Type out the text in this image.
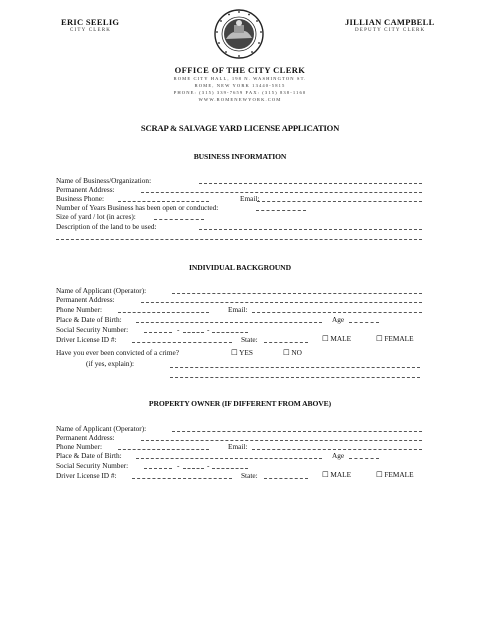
ERIC SEELIG
CITY CLERK
JILLIAN CAMPBELL
DEPUTY CITY CLERK
OFFICE OF THE CITY CLERK
ROME CITY HALL, 198 N. WASHINGTON ST.
ROME, NEW YORK 13440-5815
PHONE: (315) 339-7659 FAX: (315) 838-1160
WWW.ROMENEWYORK.COM
SCRAP & SALVAGE YARD LICENSE APPLICATION
BUSINESS INFORMATION
Name of Business/Organization:
Permanent Address:
Business Phone:	Email:
Number of Years Business has been open or conducted:
Size of yard / lot (in acres):
Description of the land to be used:
INDIVIDUAL BACKGROUND
Name of Applicant (Operator):
Permanent Address:
Phone Number:	Email:
Place & Date of Birth:	Age
Social Security Number:	-	-
Driver License ID #:	State:	☐ MALE	☐ FEMALE
Have you ever been convicted of a crime?	☐ YES	☐ NO
(if yes, explain):
PROPERTY OWNER (IF DIFFERENT FROM ABOVE)
Name of Applicant (Operator):
Permanent Address:
Phone Number:	Email:
Place & Date of Birth:	Age
Social Security Number:	-	-
Driver License ID #:	State:	☐ MALE	☐ FEMALE
